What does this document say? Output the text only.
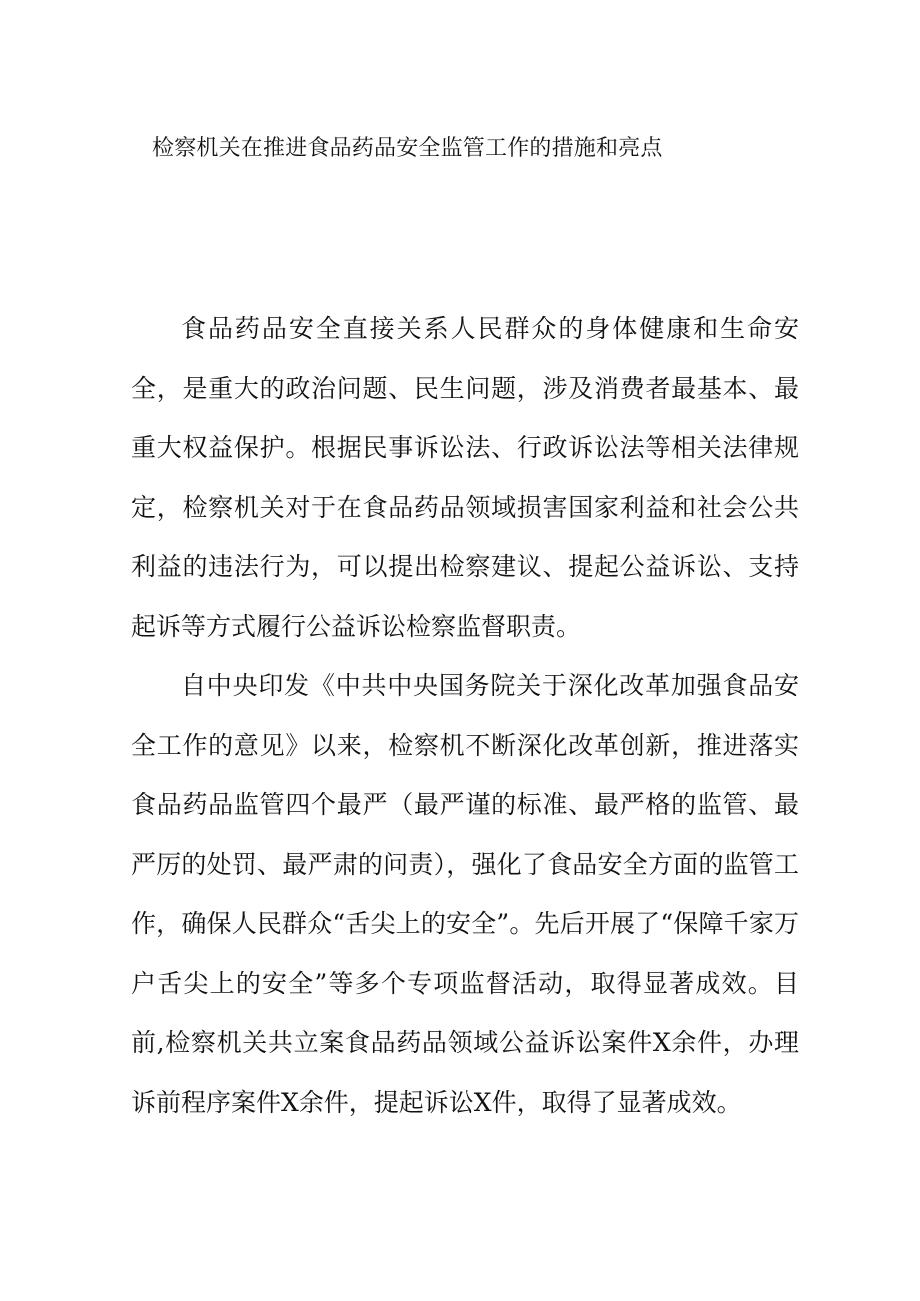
检察机关在推进食品药品安全监管工作的措施和亮点

食品药品安全直接关系人民群众的身体健康和生命安全，是重大的政治问题、民生问题，涉及消费者最基本、最重大权益保护。根据民事诉讼法、行政诉讼法等相关法律规定，检察机关对于在食品药品领域损害国家利益和社会公共利益的违法行为，可以提出检察建议、提起公益诉讼、支持起诉等方式履行公益诉讼检察监督职责。

自中央印发《中共中央国务院关于深化改革加强食品安全工作的意见》以来，检察机不断深化改革创新，推进落实食品药品监管四个最严（最严谨的标准、最严格的监管、最严厉的处罚、最严肃的问责），强化了食品安全方面的监管工作，确保人民群众“舌尖上的安全”。先后开展了“保障千家万户舌尖上的安全”等多个专项监督活动，取得显著成效。目前,检察机关共立案食品药品领域公益诉讼案件X余件，办理诉前程序案件X余件，提起诉讼X件，取得了显著成效。
